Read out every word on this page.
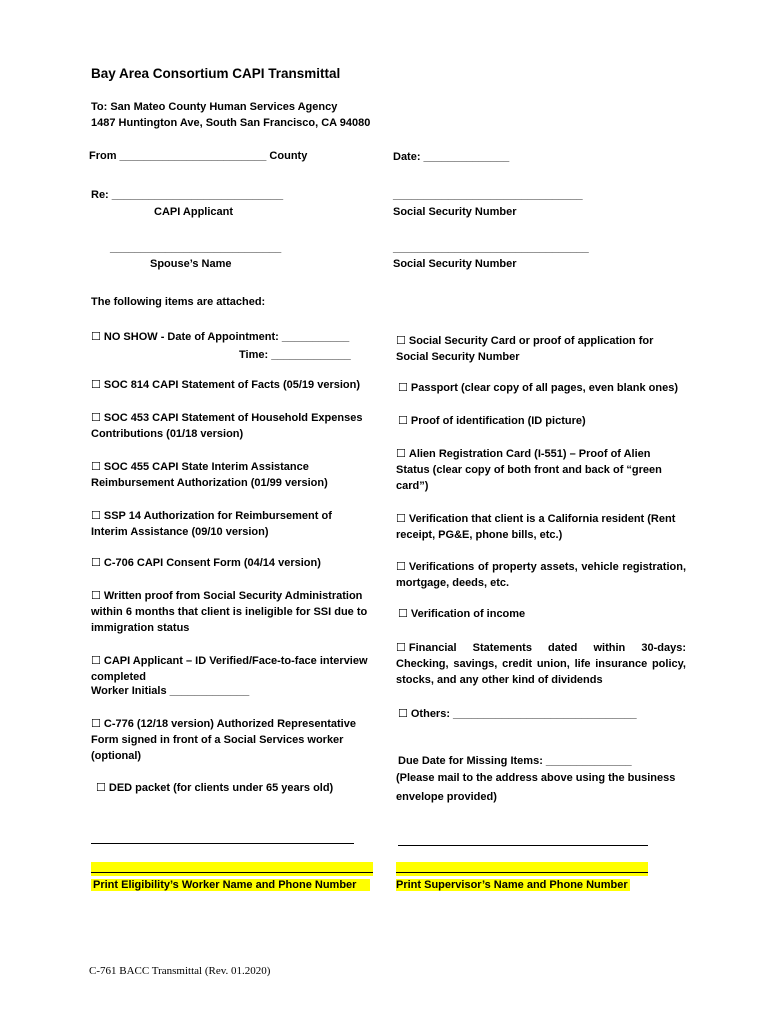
Bay Area Consortium CAPI Transmittal
To: San Mateo County Human Services Agency
1487 Huntington Ave, South San Francisco, CA 94080
From ________________________ County	Date: ______________
Re: ____________________________	_______________________________
CAPI Applicant	Social Security Number
____________________________	________________________________
Spouse’s Name	Social Security Number
The following items are attached:
☐ NO SHOW - Date of Appointment: ___________
Time: _____________
☐ SOC 814 CAPI Statement of Facts (05/19 version)
☐ SOC 453 CAPI Statement of Household Expenses Contributions (01/18 version)
☐ SOC 455 CAPI State Interim Assistance Reimbursement Authorization (01/99 version)
☐ SSP 14 Authorization for Reimbursement of Interim Assistance (09/10 version)
☐ C-706 CAPI Consent Form (04/14 version)
☐ Written proof from Social Security Administration within 6 months that client is ineligible for SSI due to immigration status
☐ CAPI Applicant – ID Verified/Face-to-face interview completed
Worker Initials _____________
☐ C-776 (12/18 version) Authorized Representative Form signed in front of a Social Services worker (optional)
☐ DED packet (for clients under 65 years old)
☐ Social Security Card or proof of application for Social Security Number
☐ Passport (clear copy of all pages, even blank ones)
☐ Proof of identification (ID picture)
☐ Alien Registration Card (I-551) – Proof of Alien Status (clear copy of both front and back of “green card”)
☐ Verification that client is a California resident (Rent receipt, PG&E, phone bills, etc.)
☐ Verifications of property assets, vehicle registration, mortgage, deeds, etc.
☐ Verification of income
☐ Financial Statements dated within 30-days: Checking, savings, credit union, life insurance policy, stocks, and any other kind of dividends
☐ Others: ______________________________
Due Date for Missing Items: ______________
(Please mail to the address above using the business
envelope provided)
Print Eligibility’s Worker Name and Phone Number	Print Supervisor’s Name and Phone Number
C-761 BACC Transmittal (Rev. 01.2020)
